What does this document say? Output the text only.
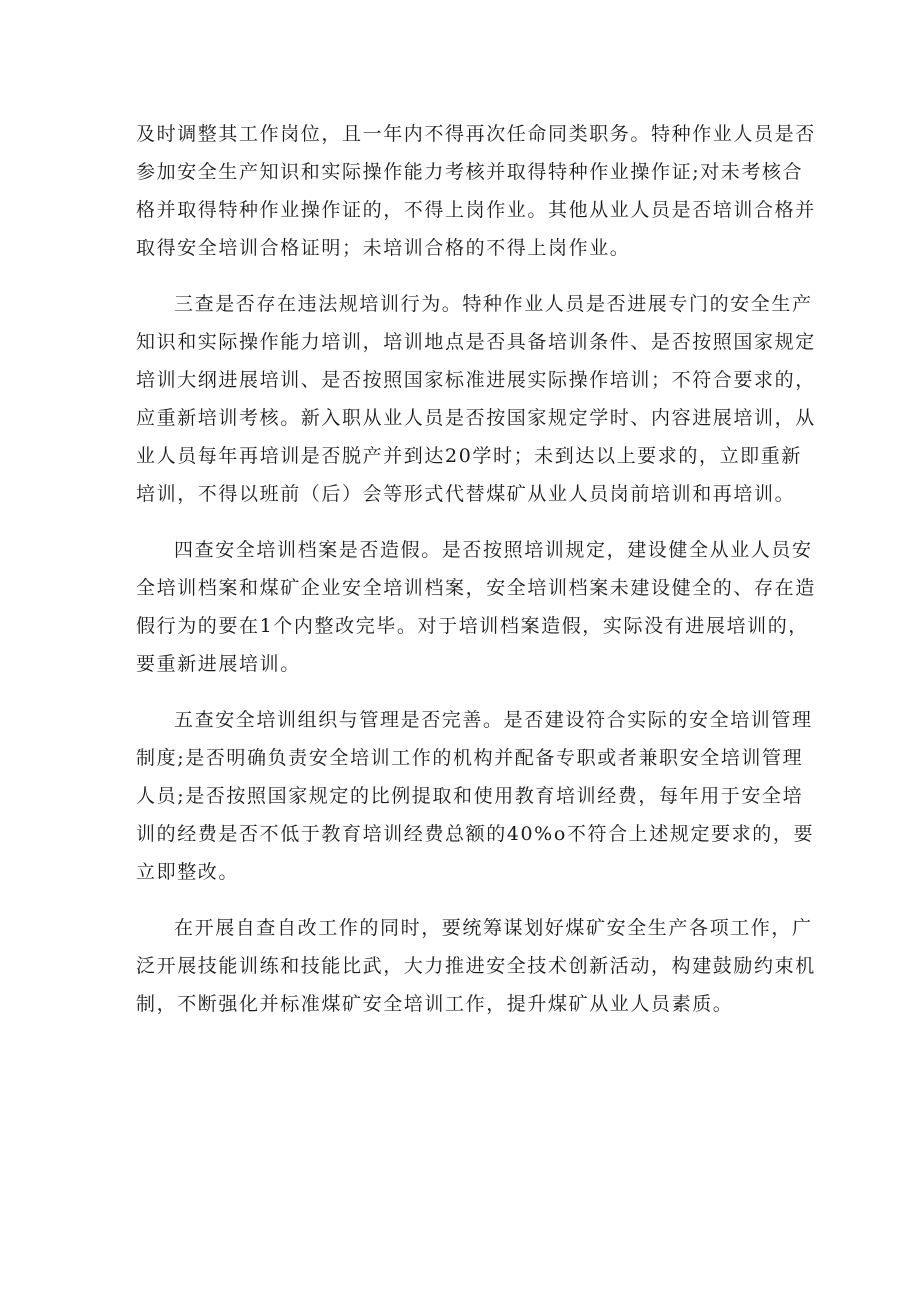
及时调整其工作岗位，且一年内不得再次任命同类职务。特种作业人员是否
参加安全生产知识和实际操作能力考核并取得特种作业操作证;对未考核合
格并取得特种作业操作证的，不得上岗作业。其他从业人员是否培训合格并
取得安全培训合格证明；未培训合格的不得上岗作业。
三查是否存在违法规培训行为。特种作业人员是否进展专门的安全生产
知识和实际操作能力培训，培训地点是否具备培训条件、是否按照国家规定
培训大纲进展培训、是否按照国家标准进展实际操作培训；不符合要求的，
应重新培训考核。新入职从业人员是否按国家规定学时、内容进展培训，从
业人员每年再培训是否脱产并到达20学时；未到达以上要求的，立即重新
培训，不得以班前（后）会等形式代替煤矿从业人员岗前培训和再培训。
四查安全培训档案是否造假。是否按照培训规定，建设健全从业人员安
全培训档案和煤矿企业安全培训档案，安全培训档案未建设健全的、存在造
假行为的要在1个内整改完毕。对于培训档案造假，实际没有进展培训的，
要重新进展培训。
五查安全培训组织与管理是否完善。是否建设符合实际的安全培训管理
制度;是否明确负责安全培训工作的机构并配备专职或者兼职安全培训管理
人员;是否按照国家规定的比例提取和使用教育培训经费，每年用于安全培
训的经费是否不低于教育培训经费总额的40%o不符合上述规定要求的，要
立即整改。
在开展自查自改工作的同时，要统筹谋划好煤矿安全生产各项工作，广
泛开展技能训练和技能比武，大力推进安全技术创新活动，构建鼓励约束机
制，不断强化并标准煤矿安全培训工作，提升煤矿从业人员素质。
